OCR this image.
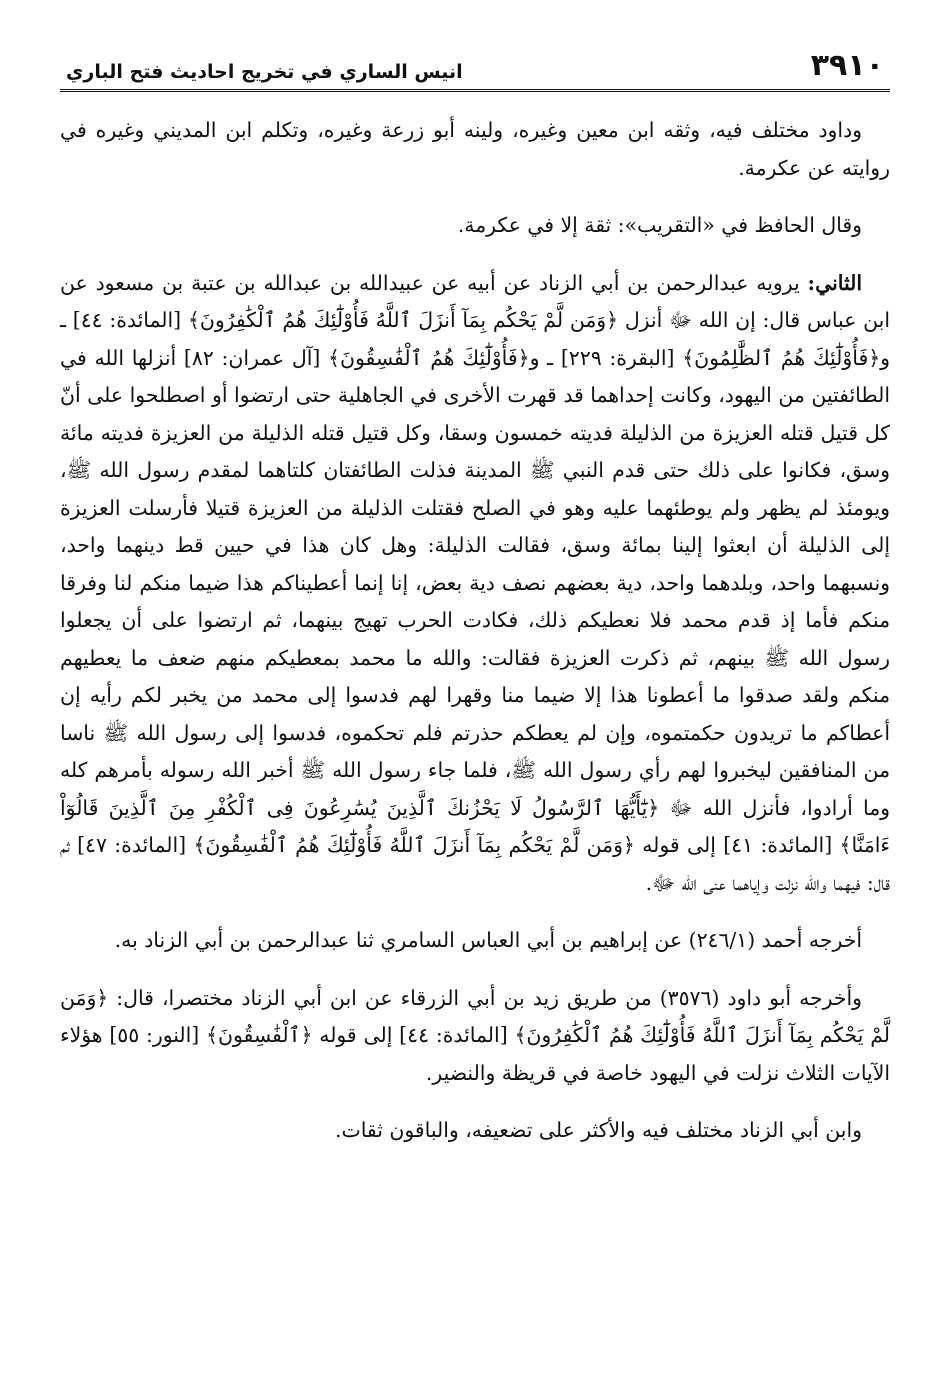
٣٩١٠
انيس الساري في تخريج احاديث فتح الباري

وداود مختلف فيه، وثقه ابن معين وغيره، ولينه أبو زرعة وغيره، وتكلم ابن المديني وغيره في روايته عن عكرمة.

وقال الحافظ في «التقريب»: ثقة إلا في عكرمة.

الثاني: يرويه عبدالرحمن بن أبي الزناد عن أبيه عن عبيدالله بن عبدالله بن عتبة بن مسعود عن ابن عباس قال: إن الله ﷻ أنزل ﴿وَمَن لَّمْ يَحْكُم بِمَآ أَنزَلَ ٱللَّهُ فَأُوْلَٰٓئِكَ هُمُ ٱلْكَٰفِرُونَ﴾ [المائدة: ٤٤] ـ و﴿فَأُوْلَٰٓئِكَ هُمُ ٱلظَّٰلِمُونَ﴾ [البقرة: ٢٢٩] ـ و﴿فَأُوْلَٰٓئِكَ هُمُ ٱلْفَٰسِقُونَ﴾ [آل عمران: ٨٢] أنزلها الله في الطائفتين من اليهود، وكانت إحداهما قد قهرت الأخرى في الجاهلية حتى ارتضوا أو اصطلحوا على أنّ كل قتيل قتله العزيزة من الذليلة فديته خمسون وسقا، وكل قتيل قتله الذليلة من العزيزة فديته مائة وسق، فكانوا على ذلك حتى قدم النبي ﷺ المدينة فذلت الطائفتان كلتاهما لمقدم رسول الله ﷺ، ويومئذ لم يظهر ولم يوطئهما عليه وهو في الصلح فقتلت الذليلة من العزيزة قتيلا فأرسلت العزيزة إلى الذليلة أن ابعثوا إلينا بمائة وسق، فقالت الذليلة: وهل كان هذا في حيين قط دينهما واحد، ونسبهما واحد، وبلدهما واحد، دية بعضهم نصف دية بعض، إنا إنما أعطيناكم هذا ضيما منكم لنا وفرقا منكم فأما إذ قدم محمد فلا نعطيكم ذلك، فكادت الحرب تهيج بينهما، ثم ارتضوا على أن يجعلوا رسول الله ﷺ بينهم، ثم ذكرت العزيزة فقالت: والله ما محمد بمعطيكم منهم ضعف ما يعطيهم منكم ولقد صدقوا ما أعطونا هذا إلا ضيما منا وقهرا لهم فدسوا إلى محمد من يخبر لكم رأيه إن أعطاكم ما تريدون حكمتموه، وإن لم يعطكم حذرتم فلم تحكموه، فدسوا إلى رسول الله ﷺ ناسا من المنافقين ليخبروا لهم رأي رسول الله ﷺ، فلما جاء رسول الله ﷺ أخبر الله رسوله بأمرهم كله وما أرادوا، فأنزل الله ﷻ ﴿يَٰٓأَيُّهَا ٱلرَّسُولُ لَا يَحْزُنكَ ٱلَّذِينَ يُسَٰرِعُونَ فِى ٱلْكُفْرِ مِنَ ٱلَّذِينَ قَالُوٓاْ ءَامَنَّا﴾ [المائدة: ٤١] إلى قوله ﴿وَمَن لَّمْ يَحْكُم بِمَآ أَنزَلَ ٱللَّهُ فَأُوْلَٰٓئِكَ هُمُ ٱلْفَٰسِقُونَ﴾ [المائدة: ٤٧] ثم قال: فيهما والله نزلت وإياهما عنى الله ﷻ.

أخرجه أحمد (٢٤٦/١) عن إبراهيم بن أبي العباس السامري ثنا عبدالرحمن بن أبي الزناد به.

وأخرجه أبو داود (٣٥٧٦) من طريق زيد بن أبي الزرقاء عن ابن أبي الزناد مختصرا، قال: ﴿وَمَن لَّمْ يَحْكُم بِمَآ أَنزَلَ ٱللَّهُ فَأُوْلَٰٓئِكَ هُمُ ٱلْكَٰفِرُونَ﴾ [المائدة: ٤٤] إلى قوله ﴿ٱلْفَٰسِقُونَ﴾ [النور: ٥٥] هؤلاء الآيات الثلاث نزلت في اليهود خاصة في قريظة والنضير.

وابن أبي الزناد مختلف فيه والأكثر على تضعيفه، والباقون ثقات.
